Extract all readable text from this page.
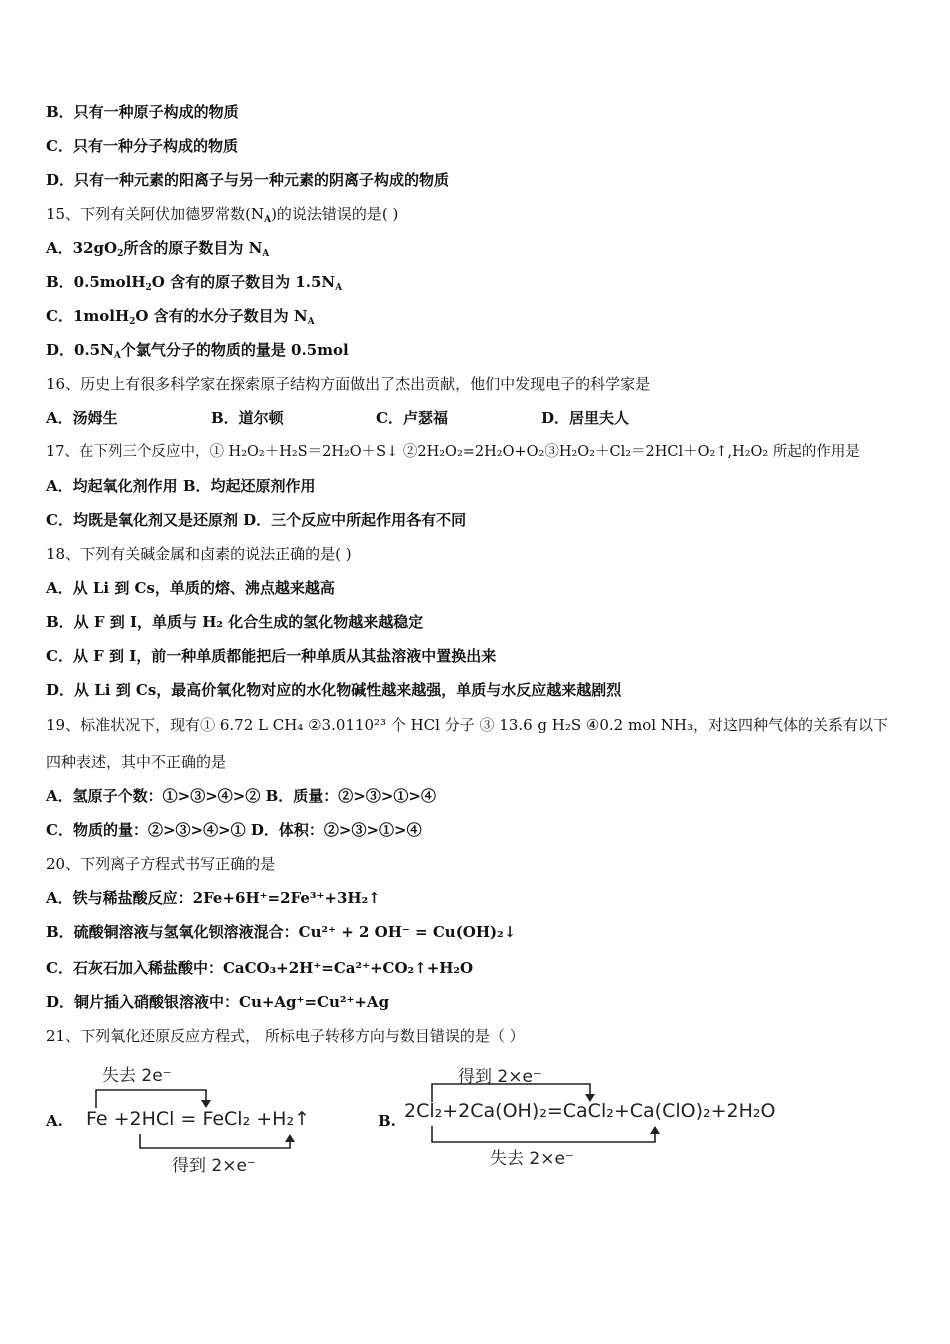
B．只有一种原子构成的物质
C．只有一种分子构成的物质
D．只有一种元素的阳离子与另一种元素的阴离子构成的物质
15、下列有关阿伏加德罗常数$(N_A)$的说法错误的是( )
A．$32gO_2$所含的原子数目为 $N_A$
B．0.5molH$_2$O 含有的原子数目为 $1.5N_A$
C．1molH$_2$O 含有的水分子数目为 $N_A$
D．$0.5N_A$个氯气分子的物质的量是 0.5mol
16、历史上有很多科学家在探索原子结构方面做出了杰出贡献，他们中发现电子的科学家是
A．汤姆生	B．道尔顿	C．卢瑟福	D．居里夫人
17、在下列三个反应中，① H₂O₂＋H₂S＝2H₂O＋S↓ ②2H₂O₂=2H₂O+O₂③H₂O₂＋Cl₂＝2HCl＋O₂↑,H₂O₂ 所起的作用是
A．均起氧化剂作用 B．均起还原剂作用
C．均既是氧化剂又是还原剂 D．三个反应中所起作用各有不同
18、下列有关碱金属和卤素的说法正确的是( )
A．从 Li 到 Cs，单质的熔、沸点越来越高
B．从 F 到 I，单质与 H₂ 化合生成的氢化物越来越稳定
C．从 F 到 I，前一种单质都能把后一种单质从其盐溶液中置换出来
D．从 Li 到 Cs，最高价氧化物对应的水化物碱性越来越强，单质与水反应越来越剧烈
19、标准状况下，现有① 6.72 L CH₄ ②3.0110²³ 个 HCl 分子 ③ 13.6 g H₂S ④0.2 mol NH₃，对这四种气体的关系有以下
四种表述，其中不正确的是
A．氢原子个数：①>③>④>② B．质量：②>③>①>④
C．物质的量：②>③>④>① D．体积：②>③>①>④
20、下列离子方程式书写正确的是
A．铁与稀盐酸反应：2Fe+6H⁺=2Fe³⁺+3H₂↑
B．硫酸铜溶液与氢氧化钡溶液混合：Cu²⁺ + 2 OH⁻ = Cu(OH)₂↓
C．石灰石加入稀盐酸中：CaCO₃+2H⁺=Ca²⁺+CO₂↑+H₂O
D．铜片插入硝酸银溶液中：Cu+Ag⁺=Cu²⁺+Ag
21、下列氧化还原反应方程式， 所标电子转移方向与数目错误的是（ ）
A.
失去 2e⁻
Fe +2HCl = FeCl₂ +H₂↑
得到 2×e⁻
B.
得到 2×e⁻
2Cl₂+2Ca(OH)₂=CaCl₂+Ca(ClO)₂+2H₂O
失去 2×e⁻
